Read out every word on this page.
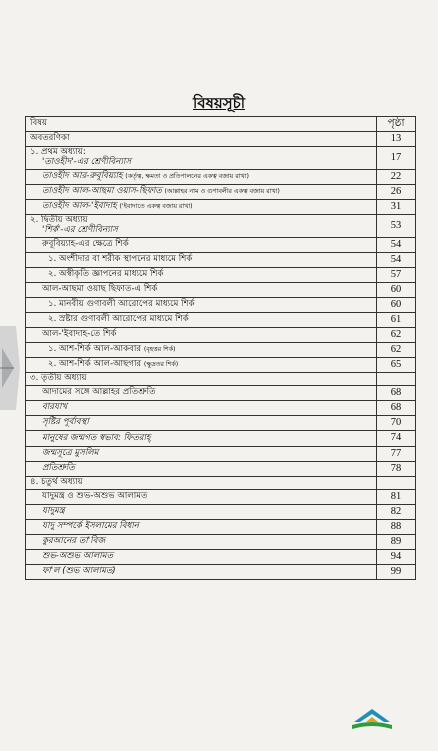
বিষয়সূচী
বিষয়	পৃষ্ঠা
অবতরণিকা	13

১. প্রথম অধ্যায়:
'তাওহীদ'-এর শ্রেণীবিন্যাস	17
তাওহীদ আর-রুবূবিয়্যাহ (কর্তৃত্ব, ক্ষমতা ও প্রতিপালনের একত্ব বজায় রাখা)	22
তাওহীদ আল-আছমা ওয়াস-ছিফাত (আল্লাহর নাম ও গুণাবলীর একত্ব বজায় রাখা)	26
তাওহীদ আল-'ইবাদাহ ('ইবাদাতে একত্ব বজায় রাখা)	31

২. দ্বিতীয় অধ্যায়
'শির্ক'-এর শ্রেণীবিন্যাস	53
রুবূবিয়্যাহ-এর ক্ষেত্রে শির্ক	54
১. অংশীদার বা শরীক স্থাপনের মাধ্যমে শির্ক	54
২. অস্বীকৃতি জ্ঞাপনের মাধ্যমে শির্ক	57
আল-আছমা ওয়াছ ছিফাত-এ শির্ক	60
১. মানবীয় গুণাবলী আরোপের মাধ্যমে শির্ক	60
২. স্রষ্টার গুণাবলী আরোপের মাধ্যমে শির্ক	61
আল-'ইবাদাহ-তে শির্ক	62
১. আশ-শির্ক আল-আকবার (বৃহত্তর শির্ক)	62
২. আশ-শির্ক আল-আছগার (ক্ষুদ্রতর শির্ক)	65
৩. তৃতীয় অধ্যায়	
আদামের সঙ্গে আল্লাহর প্রতিশ্রুতি	68
বারযাখ	68
সৃষ্টির পূর্বাবস্থা	70
মানুষের জন্মগত স্বভাব: ফিতরাহ্	74
জন্মসূত্রে মুসলিম	77
প্রতিশ্রুতি	78
৪. চতুর্থ অধ্যায়	
যাদুমন্ত্র ও শুভ-অশুভ আলামত	81
যাদুমন্ত্র	82
যাদু সম্পর্কে ইসলামের বিধান	88
কুরআনের তা'বিজ	89
শুভ-অশুভ আলামত	94
ফা'ল (শুভ আলামত)	99
